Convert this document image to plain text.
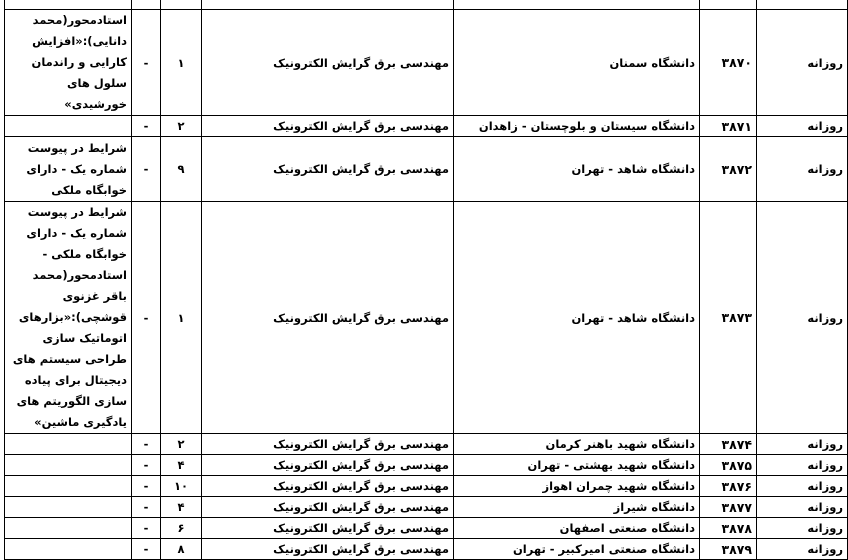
روزانه	۳۸۷۰	دانشگاه سمنان	مهندسی برق گرایش الکترونیک	۱	-	استادمحور(محمد دانایی):«افزایش کارایی و راندمان سلول های خورشیدی»
روزانه	۳۸۷۱	دانشگاه سیستان و بلوچستان - زاهدان	مهندسی برق گرایش الکترونیک	۲	-	
روزانه	۳۸۷۲	دانشگاه شاهد - تهران	مهندسی برق گرایش الکترونیک	۹	-	شرایط در پیوست شماره یک - دارای خوابگاه ملکی
روزانه	۳۸۷۳	دانشگاه شاهد - تهران	مهندسی برق گرایش الکترونیک	۱	-	شرایط در پیوست شماره یک - دارای خوابگاه ملکی - استادمحور(محمد باقر غزنوی قوشچی):«بزارهای اتوماتیک سازی طراحی سیستم های دیجیتال برای پیاده سازی الگوریتم های یادگیری ماشین»
روزانه	۳۸۷۴	دانشگاه شهید باهنر کرمان	مهندسی برق گرایش الکترونیک	۲	-	
روزانه	۳۸۷۵	دانشگاه شهید بهشتی - تهران	مهندسی برق گرایش الکترونیک	۴	-	
روزانه	۳۸۷۶	دانشگاه شهید چمران اهواز	مهندسی برق گرایش الکترونیک	۱۰	-	
روزانه	۳۸۷۷	دانشگاه شیراز	مهندسی برق گرایش الکترونیک	۴	-	
روزانه	۳۸۷۸	دانشگاه صنعتی اصفهان	مهندسی برق گرایش الکترونیک	۶	-	
روزانه	۳۸۷۹	دانشگاه صنعتی امیرکبیر - تهران	مهندسی برق گرایش الکترونیک	۸	-	
